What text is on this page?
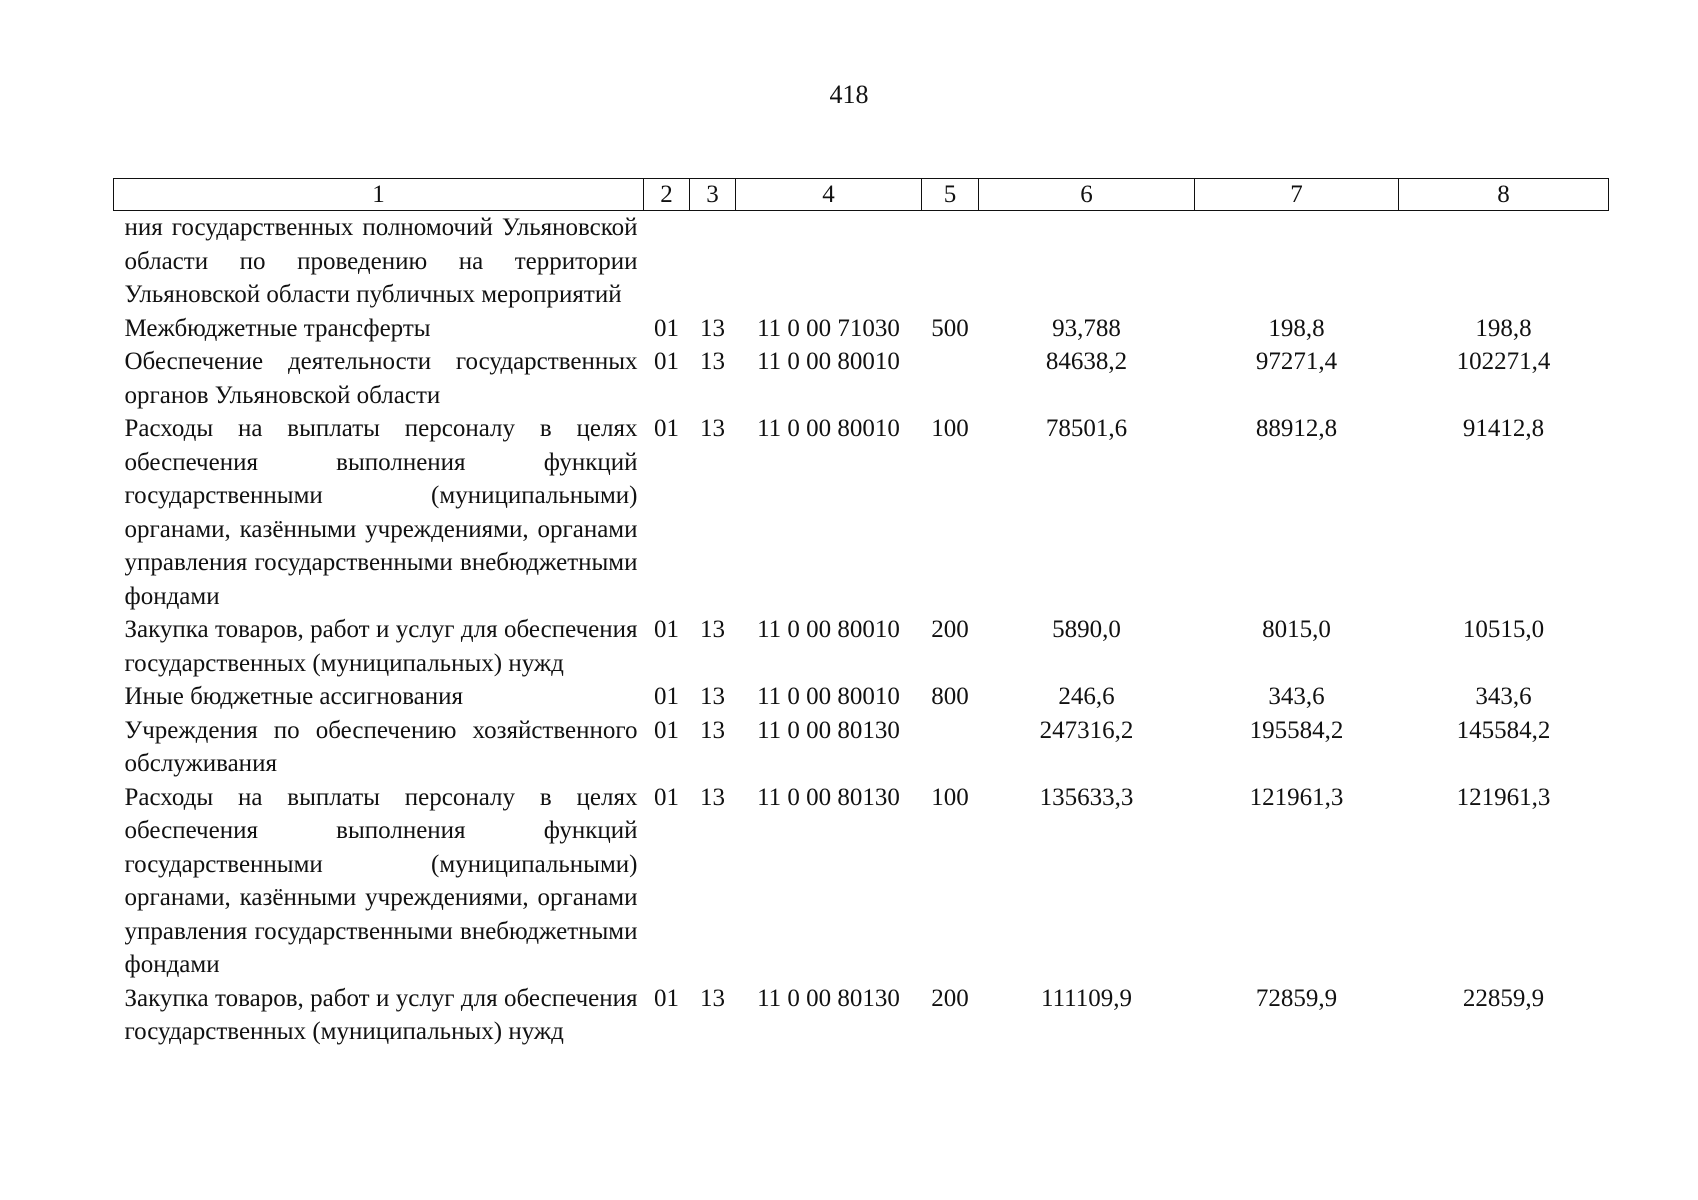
418
1	2	3	4	5	6	7	8
ния государственных полномочий Ульяновской области по проведению на территории Ульяновской области публичных мероприятий							
Межбюджетные трансферты	01	13	11 0 00 71030	500	93,788	198,8	198,8
Обеспечение деятельности государственных органов Ульяновской области	01	13	11 0 00 80010		84638,2	97271,4	102271,4
Расходы на выплаты персоналу в целях обеспечения выполнения функций государственными (муниципальными) органами, казёнными учреждениями, органами управления государственными внебюджетными фондами	01	13	11 0 00 80010	100	78501,6	88912,8	91412,8
Закупка товаров, работ и услуг для обеспечения государственных (муниципальных) нужд	01	13	11 0 00 80010	200	5890,0	8015,0	10515,0
Иные бюджетные ассигнования	01	13	11 0 00 80010	800	246,6	343,6	343,6
Учреждения по обеспечению хозяйственного обслуживания	01	13	11 0 00 80130		247316,2	195584,2	145584,2
Расходы на выплаты персоналу в целях обеспечения выполнения функций государственными (муниципальными) органами, казёнными учреждениями, органами управления государственными внебюджетными фондами	01	13	11 0 00 80130	100	135633,3	121961,3	121961,3
Закупка товаров, работ и услуг для обеспечения государственных (муниципальных) нужд	01	13	11 0 00 80130	200	111109,9	72859,9	22859,9
